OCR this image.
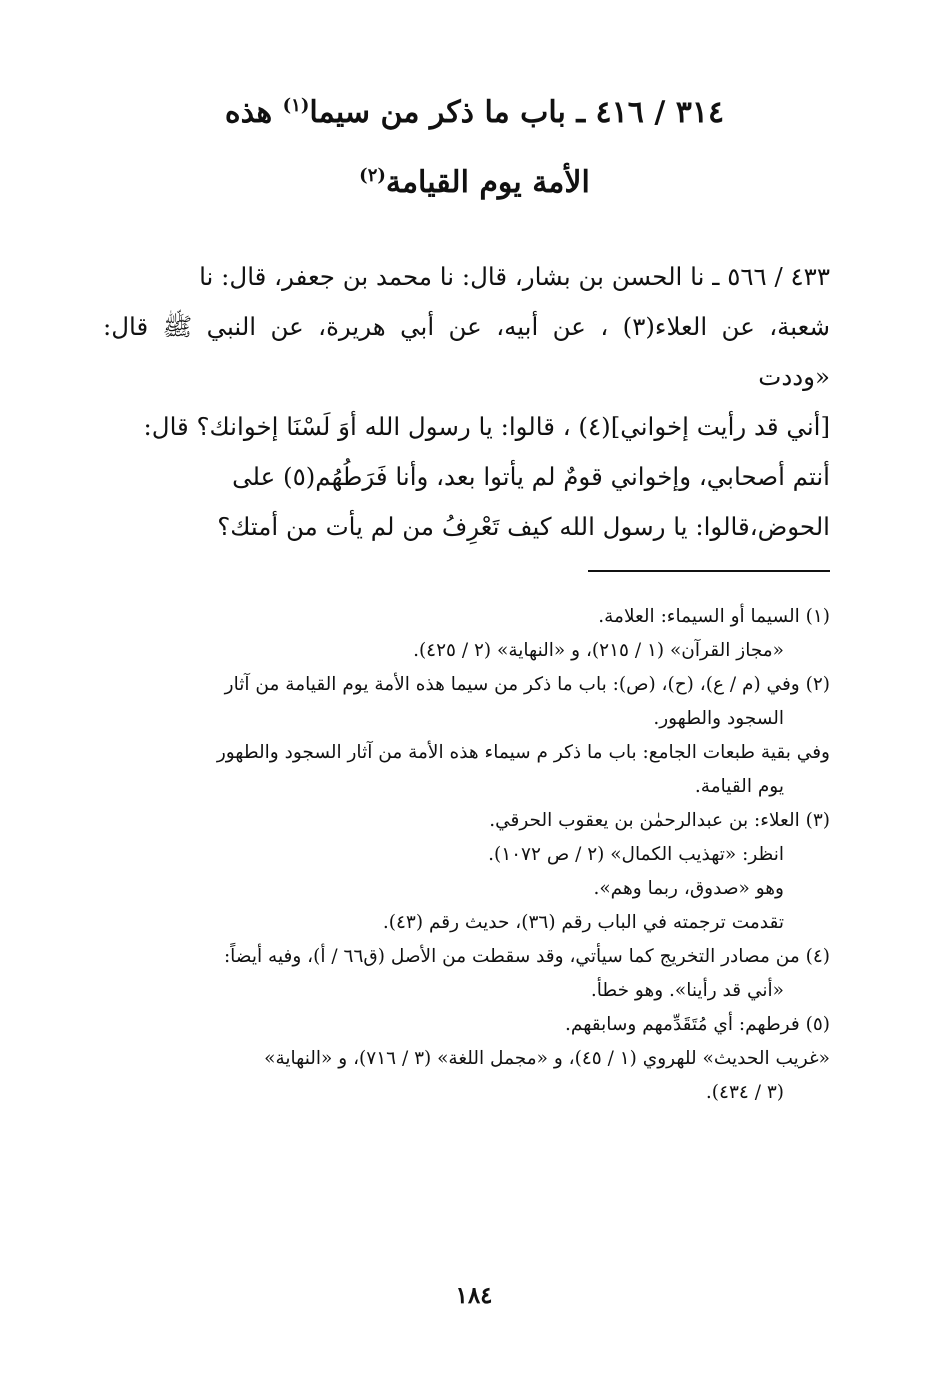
٣١٤ / ٤١٦ ـ باب ما ذكر من سيما$^{(١)}$ هذه
الأمة يوم القيامة$^{(٢)}$

٤٣٣ / ٥٦٦ ـ نا الحسن بن بشار، قال: نا محمد بن جعفر، قال: نا

شعبة، عن العلاء(٣) ، عن أبيه، عن أبي هريرة، عن النبي ﷺ قال: «وددت

[أني قد رأيت إخواني](٤) ، قالوا: يا رسول الله أوَ لَسْنَا إخوانك؟ قال:

أنتم أصحابي، وإخواني قومٌ لم يأتوا بعد، وأنا فَرَطُهُم(٥) على

الحوض،قالوا: يا رسول الله كيف تَعْرِفُ من لم يأت من أمتك؟

(١) السيما أو السيماء: العلامة.
«مجاز القرآن» (١ / ٢١٥)، و «النهاية» (٢ / ٤٢٥).
(٢) وفي (م / ع)، (ح)، (ص): باب ما ذكر من سيما هذه الأمة يوم القيامة من آثار
السجود والطهور.
وفي بقية طبعات الجامع: باب ما ذكر م سيماء هذه الأمة من آثار السجود والطهور
يوم القيامة.
(٣) العلاء: بن عبدالرحمٰن بن يعقوب الحرقي.
انظر: «تهذيب الكمال» (٢ / ص ١٠٧٢).
وهو «صدوق، ربما وهم».
تقدمت ترجمته في الباب رقم (٣٦)، حديث رقم (٤٣).
(٤) من مصادر التخريج كما سيأتي، وقد سقطت من الأصل (ق٦٦ / أ)، وفيه أيضاً:
«أني قد رأينا». وهو خطأ.
(٥) فرطهم: أي مُتَقَدِّمهم وسابقهم.
«غريب الحديث» للهروي (١ / ٤٥)، و «مجمل اللغة» (٣ / ٧١٦)، و «النهاية»
(٣ / ٤٣٤).
١٨٤
